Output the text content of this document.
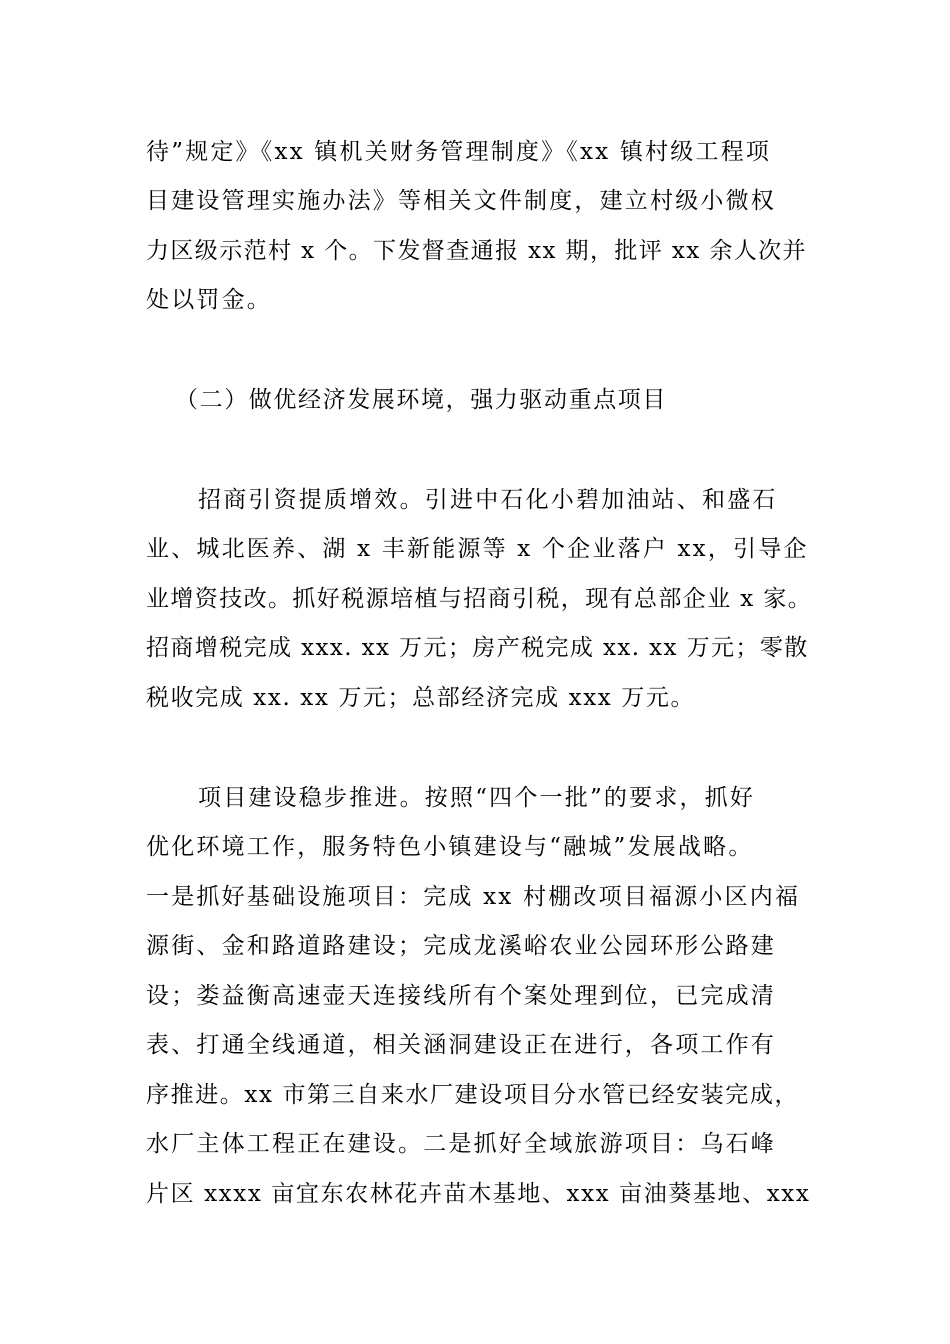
待”规定》《xx 镇机关财务管理制度》《xx 镇村级工程项
目建设管理实施办法》等相关文件制度，建立村级小微权
力区级示范村 x 个。下发督查通报 xx 期，批评 xx 余人次并
处以罚金。
（二）做优经济发展环境，强力驱动重点项目
招商引资提质增效。引进中石化小碧加油站、和盛石
业、城北医养、湖 x 丰新能源等 x 个企业落户 xx，引导企
业增资技改。抓好税源培植与招商引税，现有总部企业 x 家。
招商增税完成 xxx. xx 万元；房产税完成 xx. xx 万元；零散
税收完成 xx. xx 万元；总部经济完成 xxx 万元。
项目建设稳步推进。按照“四个一批”的要求，抓好
优化环境工作，服务特色小镇建设与“融城”发展战略。
一是抓好基础设施项目：完成 xx 村棚改项目福源小区内福
源街、金和路道路建设；完成龙溪峪农业公园环形公路建
设；娄益衡高速壶天连接线所有个案处理到位，已完成清
表、打通全线通道，相关涵洞建设正在进行，各项工作有
序推进。xx 市第三自来水厂建设项目分水管已经安装完成，
水厂主体工程正在建设。二是抓好全域旅游项目：乌石峰
片区 xxxx 亩宜东农林花卉苗木基地、xxx 亩油葵基地、xxx
